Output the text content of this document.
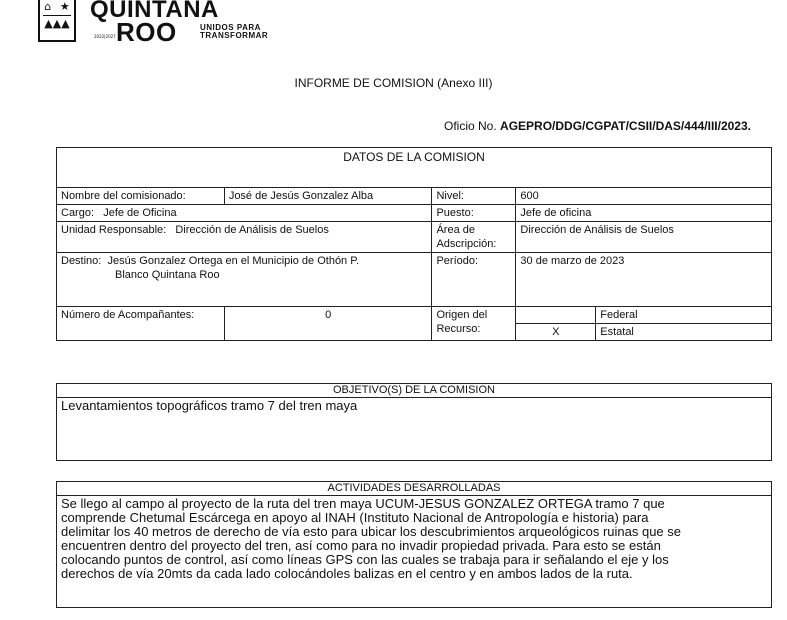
⌂ ★
▲▲▲
QUINTANA
ROO	UNIDOS PARA
TRANSFORMAR
2022|2027
INFORME DE COMISION (Anexo III)
Oficio No. AGEPRO/DDG/CGPAT/CSII/DAS/444/III/2023.
DATOS DE LA COMISION				
Nombre del comisionado:	José de Jesús Gonzalez Alba	Nivel:	600	
Cargo: Jefe de Oficina		Puesto:	Jefe de oficina	
Unidad Responsable: Dirección de Análisis de Suelos		Área de
Adscripción:	Dirección de Análisis de Suelos	
Destino: Jesús Gonzalez Ortega en el Municipio de Othón P.
Blanco Quintana Roo		Período:	30 de marzo de 2023	
Número de Acompañantes:	0	Origen del Recurso:		Federal
			X	Estatal
OBJETIVO(S) DE LA COMISION
Levantamientos topográficos tramo 7 del tren maya
ACTIVIDADES DESARROLLADAS
Se llego al campo al proyecto de la ruta del tren maya UCUM-JESUS GONZALEZ ORTEGA tramo 7 que
comprende Chetumal Escárcega en apoyo al INAH (Instituto Nacional de Antropología e historia) para
delimitar los 40 metros de derecho de vía esto para ubicar los descubrimientos arqueológicos ruinas que se
encuentren dentro del proyecto del tren, así como para no invadir propiedad privada. Para esto se están
colocando puntos de control, así como líneas GPS con las cuales se trabaja para ir señalando el eje y los
derechos de vía 20mts da cada lado colocándoles balizas en el centro y en ambos lados de la ruta.
